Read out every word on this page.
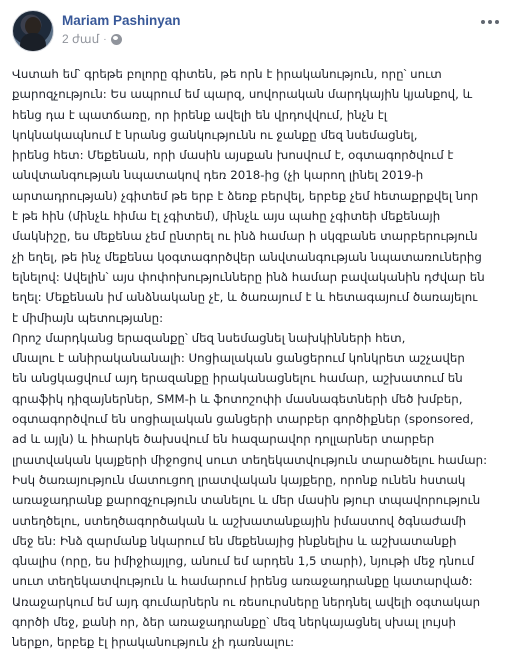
Mariam Pashinyan
2 ժամ ·

Վստահ եմ՝ գրեթե բոլորը գիտեն, թե որն է իրականություն, որը՝ սուտ
քարոզչություն: Ես ապրում եմ պարզ, սովորական մարդկային կյանքով, և
հենց դա է պատճառը, որ իրենք ավելի են վրդովվում, ինչն էլ
կոկնակապնում է նրանց ցանկությունն ու ջանքը մեզ նսեմացնել,
իրենց հետ: Մեքենան, որի մասին այսքան խոսվում է, օգտագործվում է
անվտանգության նպատակով դեռ 2018-ից (չի կարող լինել 2019-ի
արտադրության) չգիտեմ թե երբ է ձեռք բերվել, երբեք չեմ հետաքրքվել նոր
է թե հին (մինչև հիմա էլ չգիտեմ), մինչև այս պահը չգիտեի մեքենայի
մակնիշը, ես մեքենա չեմ ընտրել ու ինձ համար ի սկզբանե տարբերություն
չի եղել, թե ինչ մեքենա կօգտագործվեր անվտանգության նպատառուներից
ելնելով: Ավելին՝ այս փոփոխությունները ինձ համար բավականին դժվար են
եղել: Մեքենան իմ անձնականը չէ, և ծառայում է և հետագայում ծառայելու
է միմիայն պետությանը:

Որոշ մարդկանց երազանքը՝ մեզ նսեմացնել նախկինների հետ,
մնալու է անիրականանալի: Սոցիալական ցանցերում կոնկրետ աշչավեր
են անցկացվում այդ երազանքը իրականացնելու համար, աշխատում են
գրաֆիկ դիզայներներ, SMM-ի և ֆոտոշոփի մասնագետների մեծ խմբեր,
օգտագործվում են սոցիալական ցանցերի տարբեր գործիքներ (sponsored,
ad և այլն) և իհարկե ծախսվում են հազարավոր դոլլարներ տարբեր
լրատվական կայքերի միջոցով սուտ տեղեկատվություն տարածելու համար:
Իսկ ծառայություն մատուցող լրատվական կայքերը, որոնք ունեն հստակ
առաջադրանք քարոզչություն տանելու և մեր մասին թյուր տպավորություն
ստեղծելու, ստեղծագործական և աշխատանքային իմաստով ծգնաժամի
մեջ են: Ինձ զարմանք նկարում են մեքենայից ինքնելիս և աշխատանքի
գնալիս (որը, ես իմիջիայլոց, անում եմ արդեն 1,5 տարի), նյութի մեջ դնում
սուտ տեղեկատվություն և համարում իրենց առաջադրանքը կատարված:
Առաջարկում եմ այդ գումարներն ու ռեսուրսները ներդնել ավելի օգտակար
գործի մեջ, քանի որ, ձեր առաջադրանքը՝ մեզ ներկայացնել սխալ լույսի
ներքո, երբեք էլ իրականություն չի դառնալու:
